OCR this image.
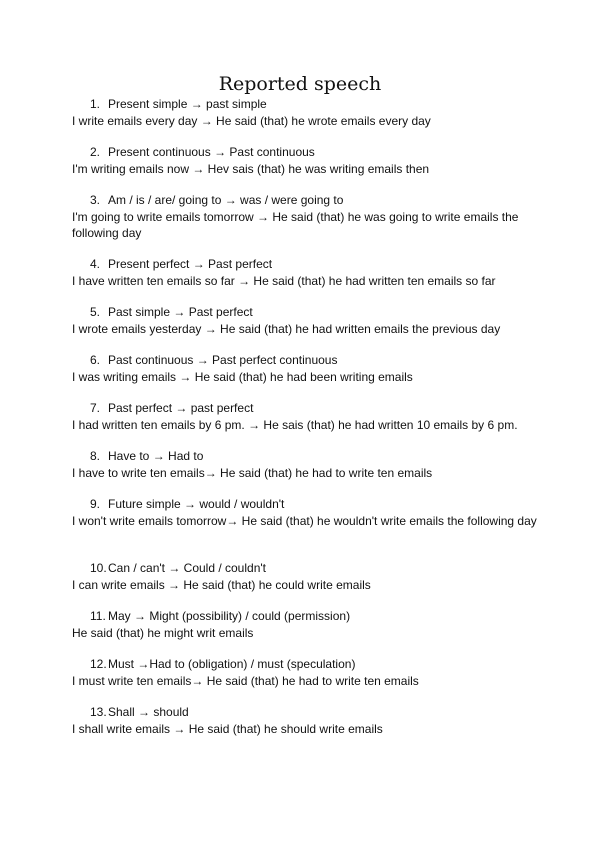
Reported speech
1. Present simple → past simple
I write emails every day → He said (that) he wrote emails every day
2. Present continuous → Past continuous
I'm writing emails now → Hev sais (that) he was writing emails then
3. Am / is / are/ going to → was / were going to
I'm going to write emails tomorrow → He said (that) he was going to write emails the following day
4. Present perfect → Past perfect
I have written ten emails so far → He said (that) he had written ten emails so far
5. Past simple → Past perfect
I wrote emails yesterday → He said (that) he had written emails the previous day
6. Past continuous → Past perfect continuous
I was writing emails → He said (that) he had been writing emails
7. Past perfect → past perfect
I had written ten emails by 6 pm. → He sais (that) he had written 10 emails by 6 pm.
8. Have to → Had to
I have to write ten emails→ He said (that) he had to write ten emails
9. Future simple → would / wouldn't
I won't write emails tomorrow→ He said (that) he wouldn't write emails the following day
10.Can / can't → Could / couldn't
I can write emails → He said (that) he could write emails
11. May → Might (possibility) / could (permission)
He said (that) he might writ emails
12.Must →Had to (obligation) / must (speculation)
I must write ten emails→ He said (that) he had to write ten emails
13.Shall → should
I shall write emails → He said (that) he should write emails
